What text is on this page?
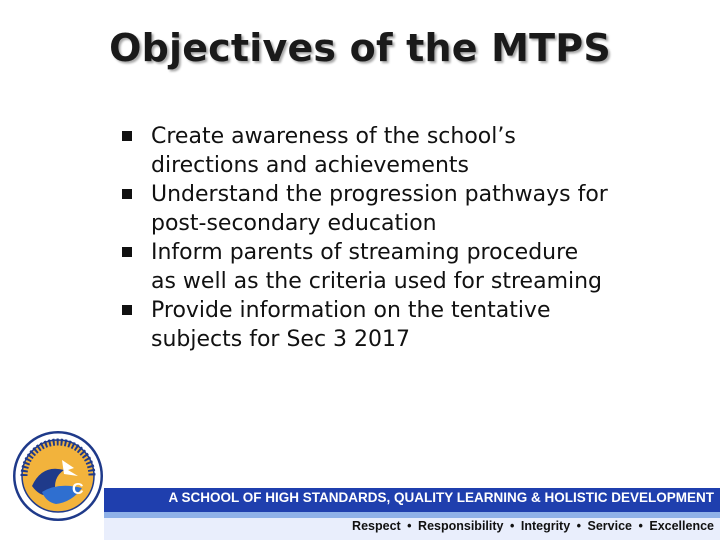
Objectives of the MTPS
Create awareness of the school’s
directions and achievements
Understand the progression pathways for
post-secondary education
Inform parents of streaming procedure
as well as the criteria used for streaming
Provide information on the tentative
subjects for Sec 3 2017
C	A SCHOOL OF HIGH STANDARDS, QUALITY LEARNING & HOLISTIC DEVELOPMENT
Respect • Responsibility • Integrity • Service • Excellence
